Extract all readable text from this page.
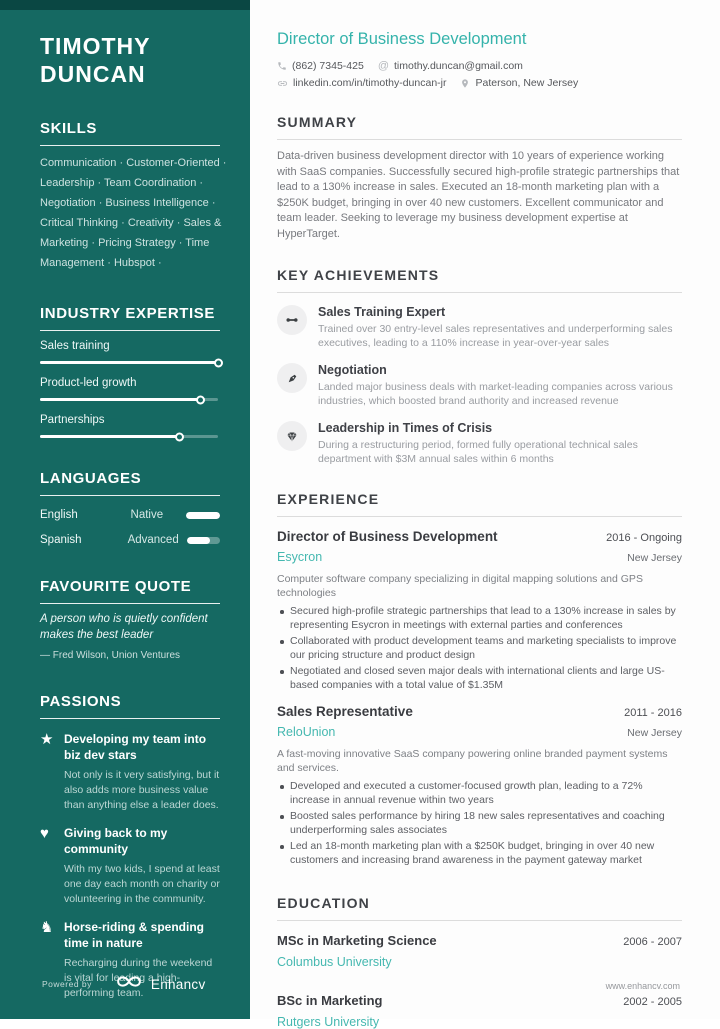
TIMOTHY
DUNCAN
SKILLS
Communication · Customer-Oriented · Leadership · Team Coordination · Negotiation · Business Intelligence · Critical Thinking · Creativity · Sales & Marketing · Pricing Strategy · Time Management · Hubspot ·
INDUSTRY EXPERTISE
Sales training
Product-led growth
Partnerships
LANGUAGES
English	Native
Spanish	Advanced
FAVOURITE QUOTE
A person who is quietly confident makes the best leader
— Fred Wilson, Union Ventures
PASSIONS
★ Developing my team into biz dev stars
Not only is it very satisfying, but it also adds more business value than anything else a leader does.
♥	Giving back to my community
With my two kids, I spend at least one day each month on charity or volunteering in the community.
♞ Horse-riding & spending time in nature
Recharging during the weekend is vital for leading a high-performing team.
Powered by	Enhancv
Director of Business Development
(862) 7345-425 @ timothy.duncan@gmail.com
linkedin.com/in/timothy-duncan-jr	Paterson, New Jersey
SUMMARY
Data-driven business development director with 10 years of experience working with SaaS companies. Successfully secured high-profile strategic partnerships that lead to a 130% increase in sales. Executed an 18-month marketing plan with a $250K budget, bringing in over 40 new customers. Excellent communicator and team leader. Seeking to leverage my business development expertise at HyperTarget.
KEY ACHIEVEMENTS
Sales Training Expert
Trained over 30 entry-level sales representatives and underperforming sales executives, leading to a 110% increase in year-over-year sales
Negotiation
Landed major business deals with market-leading companies across various industries, which boosted brand authority and increased revenue
Leadership in Times of Crisis
During a restructuring period, formed fully operational technical sales department with $3M annual sales within 6 months
EXPERIENCE
Director of Business Development	2016 - Ongoing
Esycron	New Jersey
Computer software company specializing in digital mapping solutions and GPS technologies
Secured high-profile strategic partnerships that lead to a 130% increase in sales by representing Esycron in meetings with external parties and conferences
Collaborated with product development teams and marketing specialists to improve our pricing structure and product design
Negotiated and closed seven major deals with international clients and large US-based companies with a total value of $1.35M
Sales Representative	2011 - 2016
ReloUnion	New Jersey
A fast-moving innovative SaaS company powering online branded payment systems and services.
Developed and executed a customer-focused growth plan, leading to a 72% increase in annual revenue within two years
Boosted sales performance by hiring 18 new sales representatives and coaching underperforming sales associates
Led an 18-month marketing plan with a $250K budget, bringing in over 40 new customers and increasing brand awareness in the payment gateway market
EDUCATION
MSc in Marketing Science	2006 - 2007
Columbus University
BSc in Marketing	2002 - 2005
Rutgers University
www.enhancv.com
